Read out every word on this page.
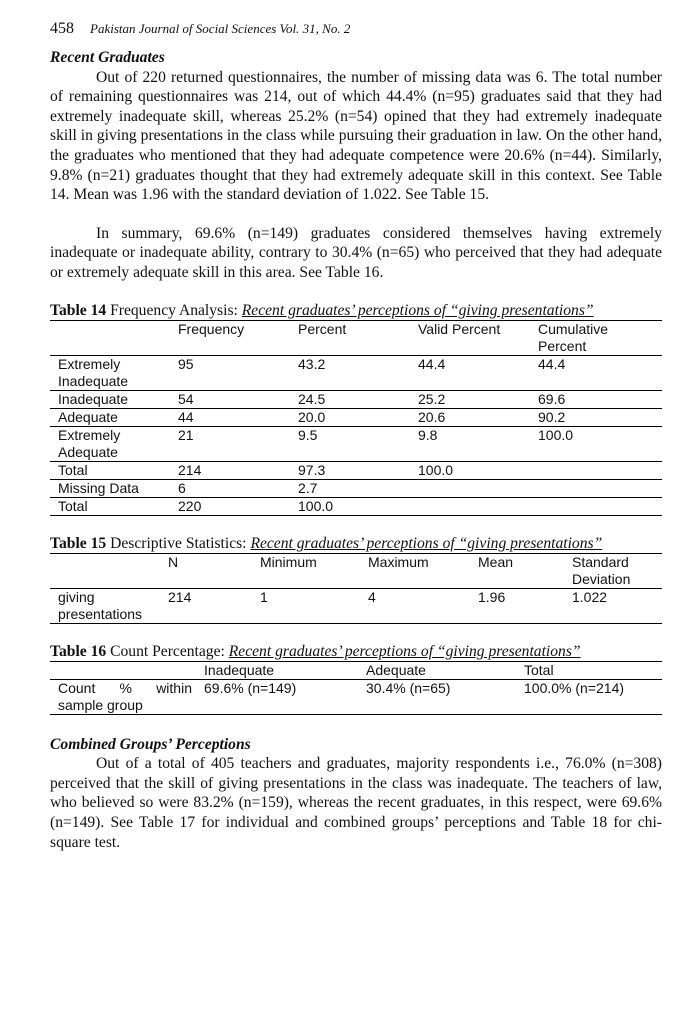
458 Pakistan Journal of Social Sciences Vol. 31, No. 2

Recent Graduates

Out of 220 returned questionnaires, the number of missing data was 6. The total number of remaining questionnaires was 214, out of which 44.4% (n=95) graduates said that they had extremely inadequate skill, whereas 25.2% (n=54) opined that they had extremely inadequate skill in giving presentations in the class while pursuing their graduation in law. On the other hand, the graduates who mentioned that they had adequate competence were 20.6% (n=44). Similarly, 9.8% (n=21) graduates thought that they had extremely adequate skill in this context. See Table 14. Mean was 1.96 with the standard deviation of 1.022. See Table 15.

In summary, 69.6% (n=149) graduates considered themselves having extremely inadequate or inadequate ability, contrary to 30.4% (n=65) who perceived that they had adequate or extremely adequate skill in this area. See Table 16.

Table 14 Frequency Analysis: Recent graduates’ perceptions of “giving presentations”
	Frequency	Percent	Valid Percent	Cumulative Percent
Extremely Inadequate	95	43.2	44.4	44.4
Inadequate	54	24.5	25.2	69.6
Adequate	44	20.0	20.6	90.2
Extremely Adequate	21	9.5	9.8	100.0
Total	214	97.3	100.0	
Missing Data	6	2.7		
Total	220	100.0		
Table 15 Descriptive Statistics: Recent graduates’ perceptions of “giving presentations”
	N	Minimum	Maximum	Mean	Standard Deviation
giving presentations	214	1	4	1.96	1.022
Table 16 Count Percentage: Recent graduates’ perceptions of “giving presentations”
	Inadequate	Adequate	Total
Count % within sample group	69.6% (n=149)	30.4% (n=65)	100.0% (n=214)

Combined Groups’ Perceptions

Out of a total of 405 teachers and graduates, majority respondents i.e., 76.0% (n=308) perceived that the skill of giving presentations in the class was inadequate. The teachers of law, who believed so were 83.2% (n=159), whereas the recent graduates, in this respect, were 69.6% (n=149). See Table 17 for individual and combined groups’ perceptions and Table 18 for chi-square test.
